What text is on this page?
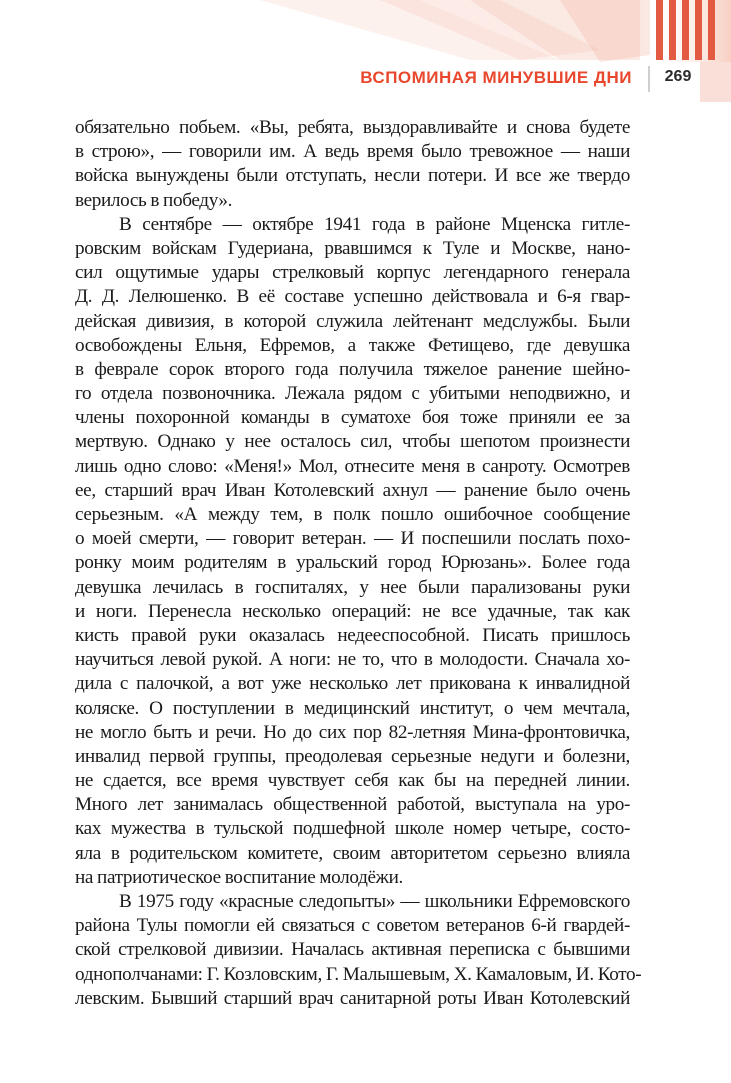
ВСПОМИНАЯ МИНУВШИЕ ДНИ	269
обязательно побьем. «Вы, ребята, выздоравливайте и снова будете
в строю», — говорили им. А ведь время было тревожное — наши
войска вынуждены были отступать, несли потери. И все же твердо
верилось в победу».
В сентябре — октябре 1941 года в районе Мценска гитле-
ровским войскам Гудериана, рвавшимся к Туле и Москве, нано-
сил ощутимые удары стрелковый корпус легендарного генерала
Д. Д. Лелюшенко. В её составе успешно действовала и 6-я гвар-
дейская дивизия, в которой служила лейтенант медслужбы. Были
освобождены Ельня, Ефремов, а также Фетищево, где девушка
в феврале сорок второго года получила тяжелое ранение шейно-
го отдела позвоночника. Лежала рядом с убитыми неподвижно, и
члены похоронной команды в суматохе боя тоже приняли ее за
мертвую. Однако у нее осталось сил, чтобы шепотом произнести
лишь одно слово: «Меня!» Мол, отнесите меня в санроту. Осмотрев
ее, старший врач Иван Котолевский ахнул — ранение было очень
серьезным. «А между тем, в полк пошло ошибочное сообщение
о моей смерти, — говорит ветеран. — И поспешили послать похо-
ронку моим родителям в уральский город Юрюзань». Более года
девушка лечилась в госпиталях, у нее были парализованы руки
и ноги. Перенесла несколько операций: не все удачные, так как
кисть правой руки оказалась недееспособной. Писать пришлось
научиться левой рукой. А ноги: не то, что в молодости. Сначала хо-
дила с палочкой, а вот уже несколько лет прикована к инвалидной
коляске. О поступлении в медицинский институт, о чем мечтала,
не могло быть и речи. Но до сих пор 82-летняя Мина-фронтовичка,
инвалид первой группы, преодолевая серьезные недуги и болезни,
не сдается, все время чувствует себя как бы на передней линии.
Много лет занималась общественной работой, выступала на уро-
ках мужества в тульской подшефной школе номер четыре, состо-
яла в родительском комитете, своим авторитетом серьезно влияла
на патриотическое воспитание молодёжи.
В 1975 году «красные следопыты» — школьники Ефремовского
района Тулы помогли ей связаться с советом ветеранов 6-й гвардей-
ской стрелковой дивизии. Началась активная переписка с бывшими
однополчанами: Г. Козловским, Г. Малышевым, Х. Камаловым, И. Кото-
левским. Бывший старший врач санитарной роты Иван Котолевский
